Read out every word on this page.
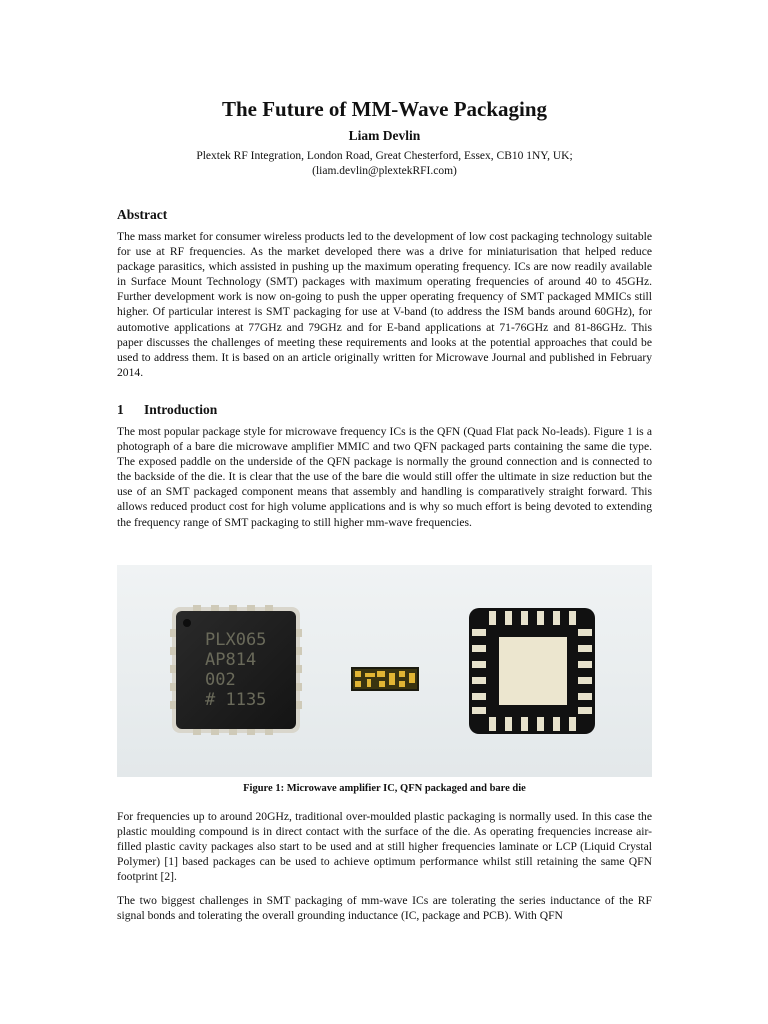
The Future of MM-Wave Packaging
Liam Devlin
Plextek RF Integration, London Road, Great Chesterford, Essex, CB10 1NY, UK;
(liam.devlin@plextekRFI.com)
Abstract

The mass market for consumer wireless products led to the development of low cost packaging technology suitable for use at RF frequencies. As the market developed there was a drive for miniaturisation that helped reduce package parasitics, which assisted in pushing up the maximum operating frequency. ICs are now readily available in Surface Mount Technology (SMT) packages with maximum operating frequencies of around 40 to 45GHz. Further development work is now on-going to push the upper operating frequency of SMT packaged MMICs still higher. Of particular interest is SMT packaging for use at V-band (to address the ISM bands around 60GHz), for automotive applications at 77GHz and 79GHz and for E-band applications at 71-76GHz and 81-86GHz. This paper discusses the challenges of meeting these requirements and looks at the potential approaches that could be used to address them. It is based on an article originally written for Microwave Journal and published in February 2014.

1 Introduction

The most popular package style for microwave frequency ICs is the QFN (Quad Flat pack No-leads). Figure 1 is a photograph of a bare die microwave amplifier MMIC and two QFN packaged parts containing the same die type. The exposed paddle on the underside of the QFN package is normally the ground connection and is connected to the backside of the die. It is clear that the use of the bare die would still offer the ultimate in size reduction but the use of an SMT packaged component means that assembly and handling is comparatively straight forward. This allows reduced product cost for high volume applications and is why so much effort is being devoted to extending the frequency range of SMT packaging to still higher mm-wave frequencies.

PLX065
AP814
002
# 1135
Figure 1: Microwave amplifier IC, QFN packaged and bare die

For frequencies up to around 20GHz, traditional over-moulded plastic packaging is normally used. In this case the plastic moulding compound is in direct contact with the surface of the die. As operating frequencies increase air-filled plastic cavity packages also start to be used and at still higher frequencies laminate or LCP (Liquid Crystal Polymer) [1] based packages can be used to achieve optimum performance whilst still retaining the same QFN footprint [2].

The two biggest challenges in SMT packaging of mm-wave ICs are tolerating the series inductance of the RF signal bonds and tolerating the overall grounding inductance (IC, package and PCB). With QFN
